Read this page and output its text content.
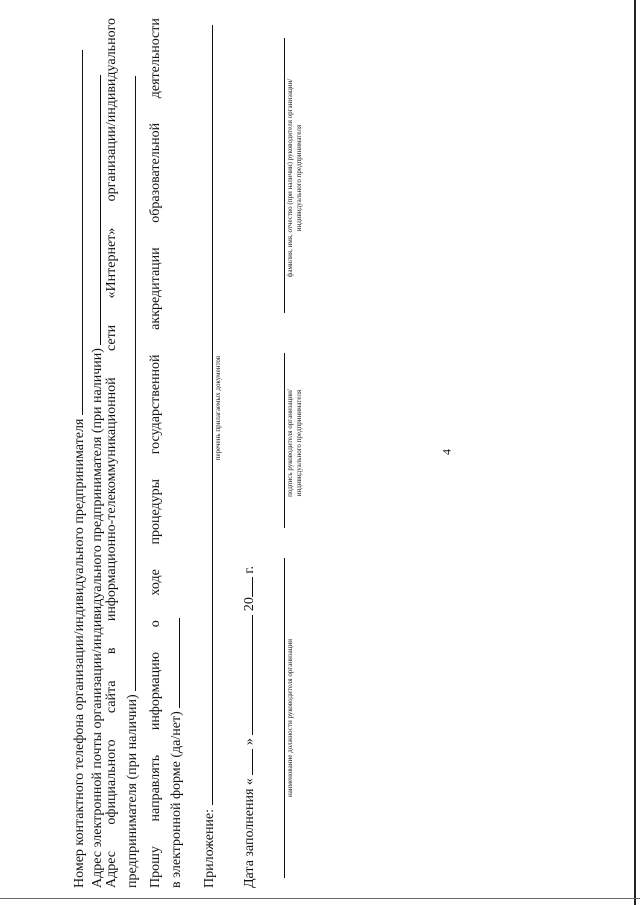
4
Номер контактного телефона организации/индивидуального предпринимателя Адрес электронной почты организации/индивидуального предпринимателя (при наличии) Адрес
официального
сайта
в
информационно-телекоммуникационной
сети
«Интернет»
организации/индивидуального
предпринимателя (при наличии) Прошу
направлять
информацию
о
ходе
процедуры
государственной
аккредитации
образовательной
деятельности
в электронной форме (да/нет) Приложение:
перечень прилагаемых документов
Дата заполнения «  »  20 г.
наименование должности руководителя организации
подпись руководителя организации/индивидуального предпринимателя
фамилия, имя, отчество (при наличии) руководителя организации/индивидуального предпринимателя
